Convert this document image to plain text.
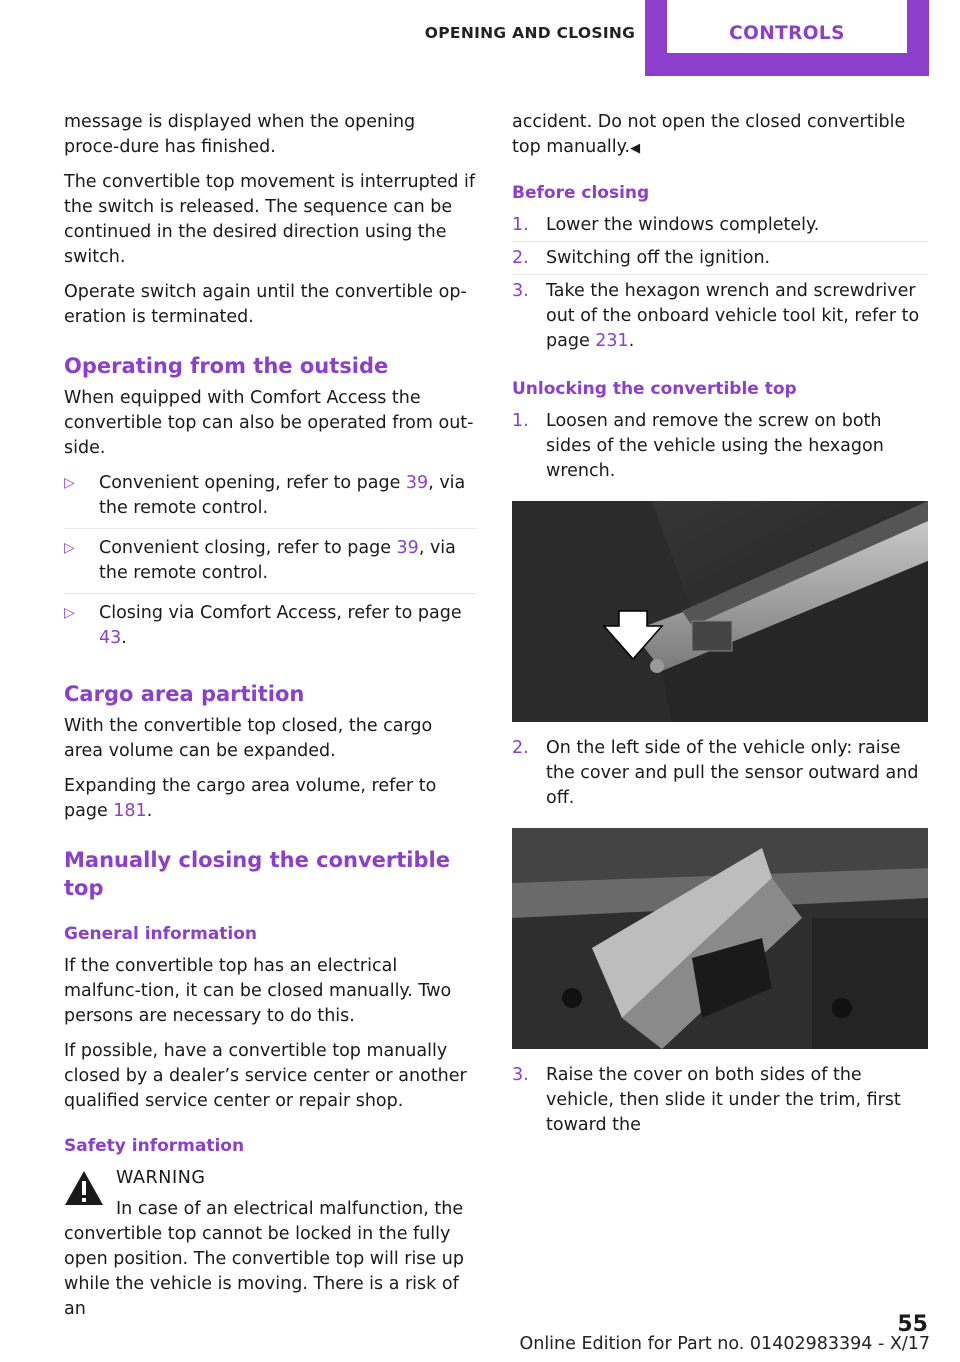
OPENING AND CLOSING	CONTROLS

message is displayed when the opening proce‐dure has finished.

The convertible top movement is interrupted if the switch is released. The sequence can be continued in the desired direction using the switch.

Operate switch again until the convertible op‐eration is terminated.

Operating from the outside

When equipped with Comfort Access the convertible top can also be operated from out‐side.

▷ Convenient opening, refer to page 39, via the remote control.
▷ Convenient closing, refer to page 39, via the remote control.
▷ Closing via Comfort Access, refer to page 43.
Cargo area partition

With the convertible top closed, the cargo area volume can be expanded.

Expanding the cargo area volume, refer to page 181.

Manually closing the convertible top
General information

If the convertible top has an electrical malfunc‐tion, it can be closed manually. Two persons are necessary to do this.

If possible, have a convertible top manually closed by a dealer’s service center or another qualified service center or repair shop.

Safety information
WARNING
In case of an electrical malfunction, the convertible top cannot be locked in the fully open position. The convertible top will rise up while the vehicle is moving. There is a risk of an

accident. Do not open the closed convertible top manually.◀

Before closing
1. Lower the windows completely.
2. Switching off the ignition.
3. Take the hexagon wrench and screwdriver out of the onboard vehicle tool kit, refer to page 231.
Unlocking the convertible top
1. Loosen and remove the screw on both sides of the vehicle using the hexagon wrench.
2. On the left side of the vehicle only: raise the cover and pull the sensor outward and off.
3. Raise the cover on both sides of the vehicle, then slide it under the trim, first toward the
55
Online Edition for Part no. 01402983394 - X/17
